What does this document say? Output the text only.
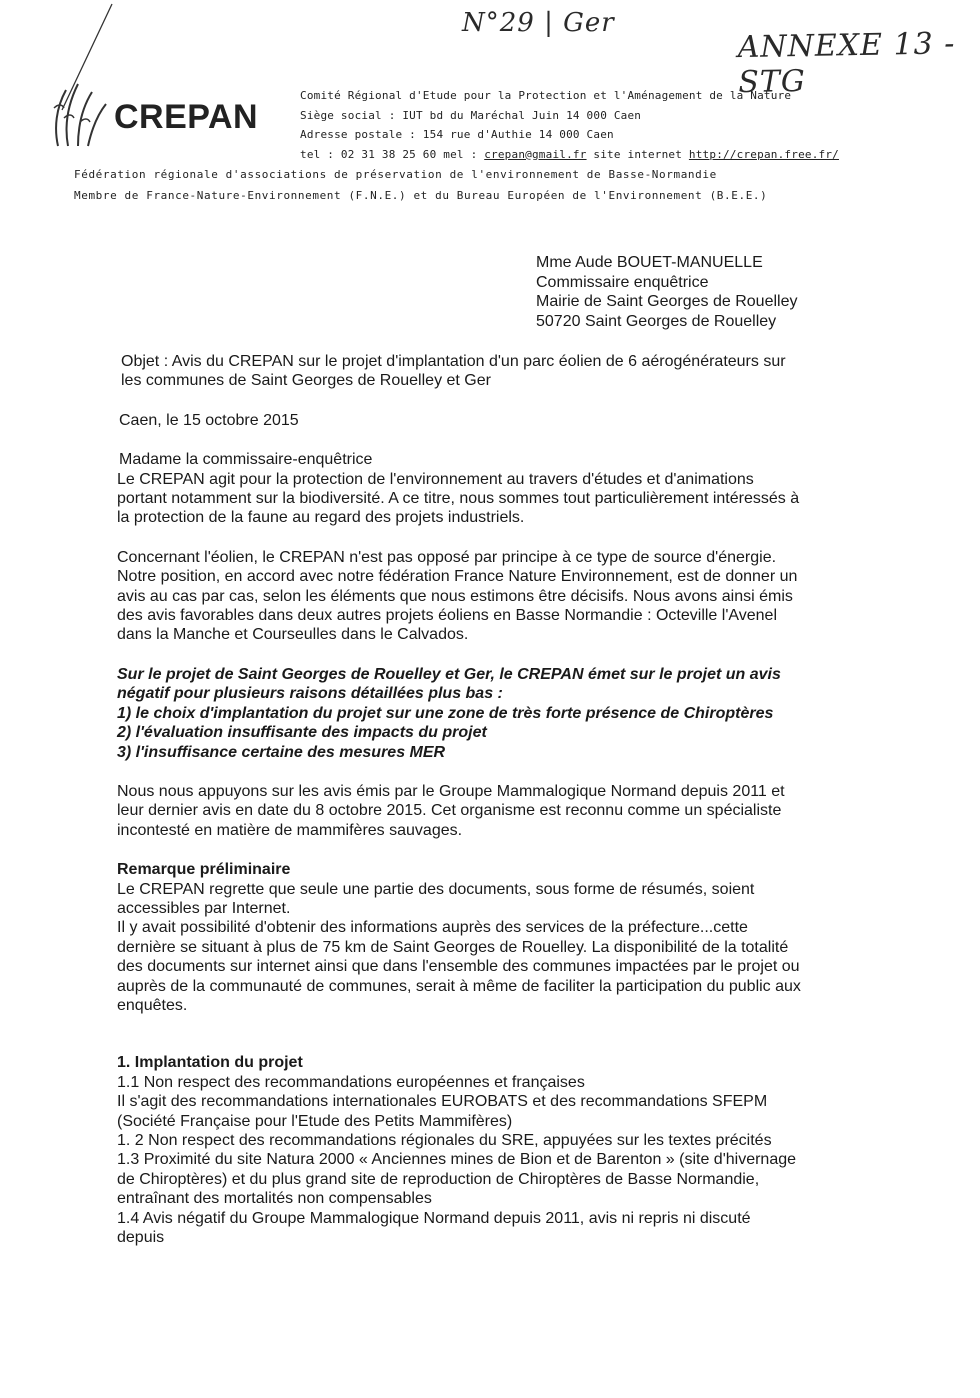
N°29 | Ger
ANNEXE 13 - STG
CREPAN
Comité Régional d'Etude pour la Protection et l'Aménagement de la Nature
Siège social : IUT bd du Maréchal Juin 14 000 Caen
Adresse postale : 154 rue d'Authie 14 000 Caen
tel : 02 31 38 25 60 mel : crepan@gmail.fr site internet http://crepan.free.fr/
Fédération régionale d'associations de préservation de l'environnement de Basse-Normandie
Membre de France-Nature-Environnement (F.N.E.) et du Bureau Européen de l'Environnement (B.E.E.)
Mme Aude BOUET-MANUELLE
Commissaire enquêtrice
Mairie de Saint Georges de Rouelley
50720 Saint Georges de Rouelley

Objet : Avis du CREPAN sur le projet d'implantation d'un parc éolien de 6 aérogénérateurs sur

les communes de Saint Georges de Rouelley et Ger

Caen, le 15 octobre 2015

Madame la commissaire-enquêtrice

Le CREPAN agit pour la protection de l'environnement au travers d'études et d'animations

portant notamment sur la biodiversité. A ce titre, nous sommes tout particulièrement intéressés à

la protection de la faune au regard des projets industriels.

Concernant l'éolien, le CREPAN n'est pas opposé par principe à ce type de source d'énergie.

Notre position, en accord avec notre fédération France Nature Environnement, est de donner un

avis au cas par cas, selon les éléments que nous estimons être décisifs. Nous avons ainsi émis

des avis favorables dans deux autres projets éoliens en Basse Normandie : Octeville l'Avenel

dans la Manche et Courseulles dans le Calvados.

Sur le projet de Saint Georges de Rouelley et Ger, le CREPAN émet sur le projet un avis

négatif pour plusieurs raisons détaillées plus bas :

1) le choix d'implantation du projet sur une zone de très forte présence de Chiroptères

2) l'évaluation insuffisante des impacts du projet

3) l'insuffisance certaine des mesures MER

Nous nous appuyons sur les avis émis par le Groupe Mammalogique Normand depuis 2011 et

leur dernier avis en date du 8 octobre 2015. Cet organisme est reconnu comme un spécialiste

incontesté en matière de mammifères sauvages.

Remarque préliminaire

Le CREPAN regrette que seule une partie des documents, sous forme de résumés, soient

accessibles par Internet.

Il y avait possibilité d'obtenir des informations auprès des services de la préfecture...cette

dernière se situant à plus de 75 km de Saint Georges de Rouelley. La disponibilité de la totalité

des documents sur internet ainsi que dans l'ensemble des communes impactées par le projet ou

auprès de la communauté de communes, serait à même de faciliter la participation du public aux

enquêtes.

1. Implantation du projet

1.1 Non respect des recommandations européennes et françaises

Il s'agit des recommandations internationales EUROBATS et des recommandations SFEPM

(Société Française pour l'Etude des Petits Mammifères)

1. 2 Non respect des recommandations régionales du SRE, appuyées sur les textes précités

1.3 Proximité du site Natura 2000 « Anciennes mines de Bion et de Barenton » (site d'hivernage

de Chiroptères) et du plus grand site de reproduction de Chiroptères de Basse Normandie,

entraînant des mortalités non compensables

1.4 Avis négatif du Groupe Mammalogique Normand depuis 2011, avis ni repris ni discuté

depuis
